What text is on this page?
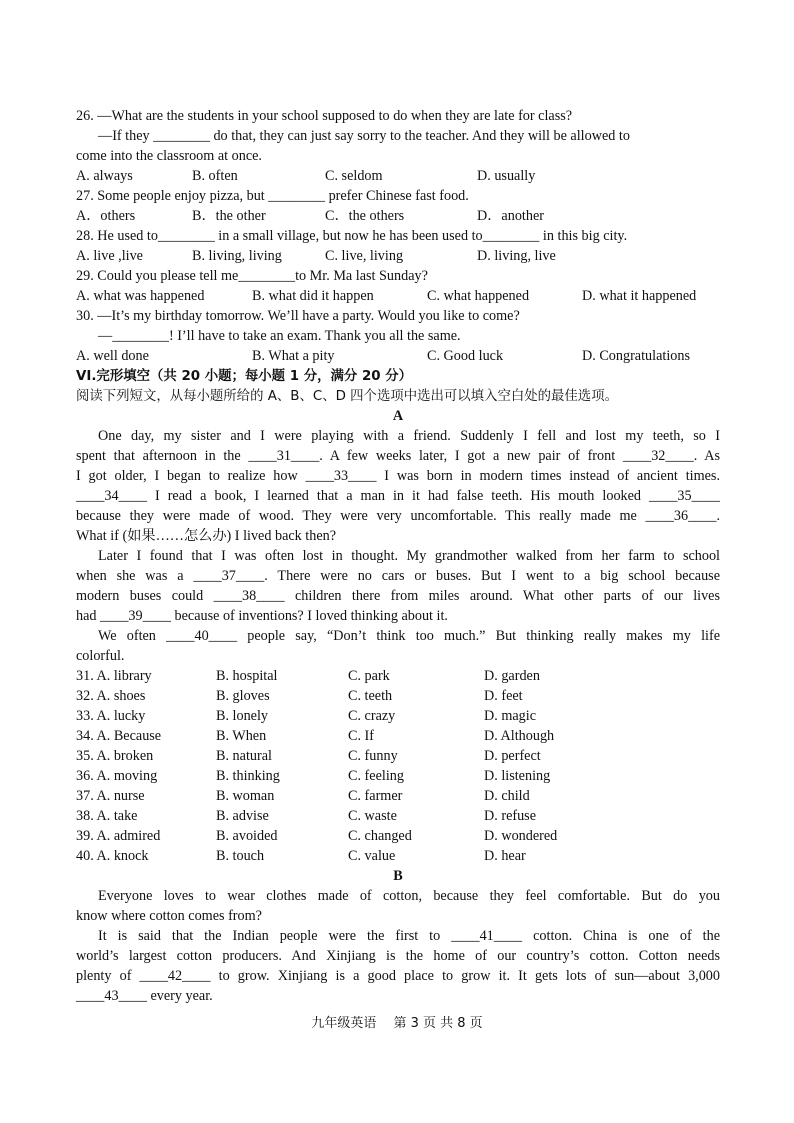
26. —What are the students in your school supposed to do when they are late for class?
—If they ________ do that, they can just say sorry to the teacher. And they will be allowed to
come into the classroom at once.
A. always	B. often	C. seldom	D. usually
27. Some people enjoy pizza, but ________ prefer Chinese fast food.
A．others	B．the other	C．the others	D．another
28. He used to________ in a small village, but now he has been used to________ in this big city.
A. live ,live	B. living, living	C. live, living	D. living, live
29. Could you please tell me________to Mr. Ma last Sunday?
A. what was happened	B. what did it happen	C. what happened	D. what it happened
30. —It’s my birthday tomorrow. We’ll have a party. Would you like to come?
—________! I’ll have to take an exam. Thank you all the same.
A. well done	B. What a pity	C. Good luck	D. Congratulations
VI.完形填空（共 20 小题；每小题 1 分，满分 20 分）
阅读下列短文，从每小题所给的 A、B、C、D 四个选项中选出可以填入空白处的最佳选项。
A
One day, my sister and I were playing with a friend. Suddenly I fell and lost my teeth, so I
spent that afternoon in the ____31____. A few weeks later, I got a new pair of front ____32____. As
I got older, I began to realize how ____33____ I was born in modern times instead of ancient times.
____34____ I read a book, I learned that a man in it had false teeth. His mouth looked ____35____
because they were made of wood. They were very uncomfortable. This really made me ____36____.
What if (如果……怎么办) I lived back then?
Later I found that I was often lost in thought. My grandmother walked from her farm to school
when she was a ____37____. There were no cars or buses. But I went to a big school because
modern buses could ____38____ children there from miles around. What other parts of our lives
had ____39____ because of inventions? I loved thinking about it.
We often ____40____ people say, “Don’t think too much.” But thinking really makes my life
colorful.
31. A. library	B. hospital	C. park	D. garden
32. A. shoes	B. gloves	C. teeth	D. feet
33. A. lucky	B. lonely	C. crazy	D. magic
34. A. Because	B. When	C. If	D. Although
35. A. broken	B. natural	C. funny	D. perfect
36. A. moving	B. thinking	C. feeling	D. listening
37. A. nurse	B. woman	C. farmer	D. child
38. A. take	B. advise	C. waste	D. refuse
39. A. admired	B. avoided	C. changed	D. wondered
40. A. knock	B. touch	C. value	D. hear
B
Everyone loves to wear clothes made of cotton, because they feel comfortable. But do you
know where cotton comes from?
It is said that the Indian people were the first to ____41____ cotton. China is one of the
world’s largest cotton producers. And Xinjiang is the home of our country’s cotton. Cotton needs
plenty of ____42____ to grow. Xinjiang is a good place to grow it. It gets lots of sun—about 3,000
____43____ every year.
九年级英语　 第 3 页 共 8 页
